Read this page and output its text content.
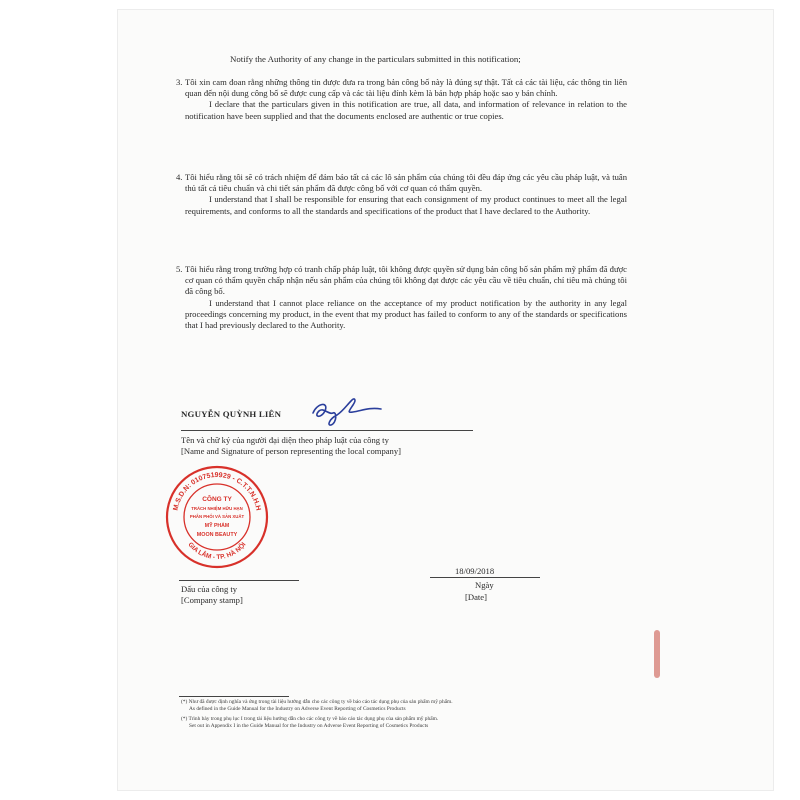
Notify the Authority of any change in the particulars submitted in this notification;

3. Tôi xin cam đoan rằng những thông tin được đưa ra trong bản công bố này là đúng sự thật. Tất cả các tài liệu, các thông tin liên quan đến nội dung công bố sẽ được cung cấp và các tài liệu đính kèm là bản hợp pháp hoặc sao y bản chính.
I declare that the particulars given in this notification are true, all data, and information of relevance in relation to the notification have been supplied and that the documents enclosed are authentic or true copies.
4. Tôi hiểu rằng tôi sẽ có trách nhiệm để đảm bảo tất cả các lô sản phẩm của chúng tôi đều đáp ứng các yêu cầu pháp luật, và tuân thủ tất cả tiêu chuẩn và chi tiết sản phẩm đã được công bố với cơ quan có thẩm quyền.
I understand that I shall be responsible for ensuring that each consignment of my product continues to meet all the legal requirements, and conforms to all the standards and specifications of the product that I have declared to the Authority.
5. Tôi hiểu rằng trong trường hợp có tranh chấp pháp luật, tôi không được quyền sử dụng bản công bố sản phẩm mỹ phẩm đã được cơ quan có thẩm quyền chấp nhận nếu sản phẩm của chúng tôi không đạt được các yêu cầu về tiêu chuẩn, chỉ tiêu mà chúng tôi đã công bố.
I understand that I cannot place reliance on the acceptance of my product notification by the authority in any legal proceedings concerning my product, in the event that my product has failed to conform to any of the standards or specifications that I had previously declared to the Authority.
NGUYỄN QUỲNH LIÊN
Tên và chữ ký của người đại diện theo pháp luật của công ty
[Name and Signature of person representing the local company]
M.S.D.N: 0107519929 - C.T.T.N.H.H
GIA LÂM - TP. HÀ NỘI
CÔNG TY
TRÁCH NHIỆM HỮU HẠN
PHÂN PHỐI VÀ SẢN XUẤT
MỸ PHẨM
MOON BEAUTY
18/09/2018
Ngày
[Date]
Dấu của công ty
[Company stamp]
(*) Như đã được định nghĩa và ứng trong tài liệu hướng dẫn cho các công ty về báo cáo tác dụng phụ của sản phẩm mỹ phẩm.
As defined in the Guide Manual for the Industry on Adverse Event Reporting of Cosmetics Products
(*) Trình bày trong phụ lục I trong tài liệu hướng dẫn cho các công ty về báo cáo tác dụng phụ của sản phẩm mỹ phẩm.
Set out in Appendix I in the Guide Manual for the Industry on Adverse Event Reporting of Cosmetics Products
